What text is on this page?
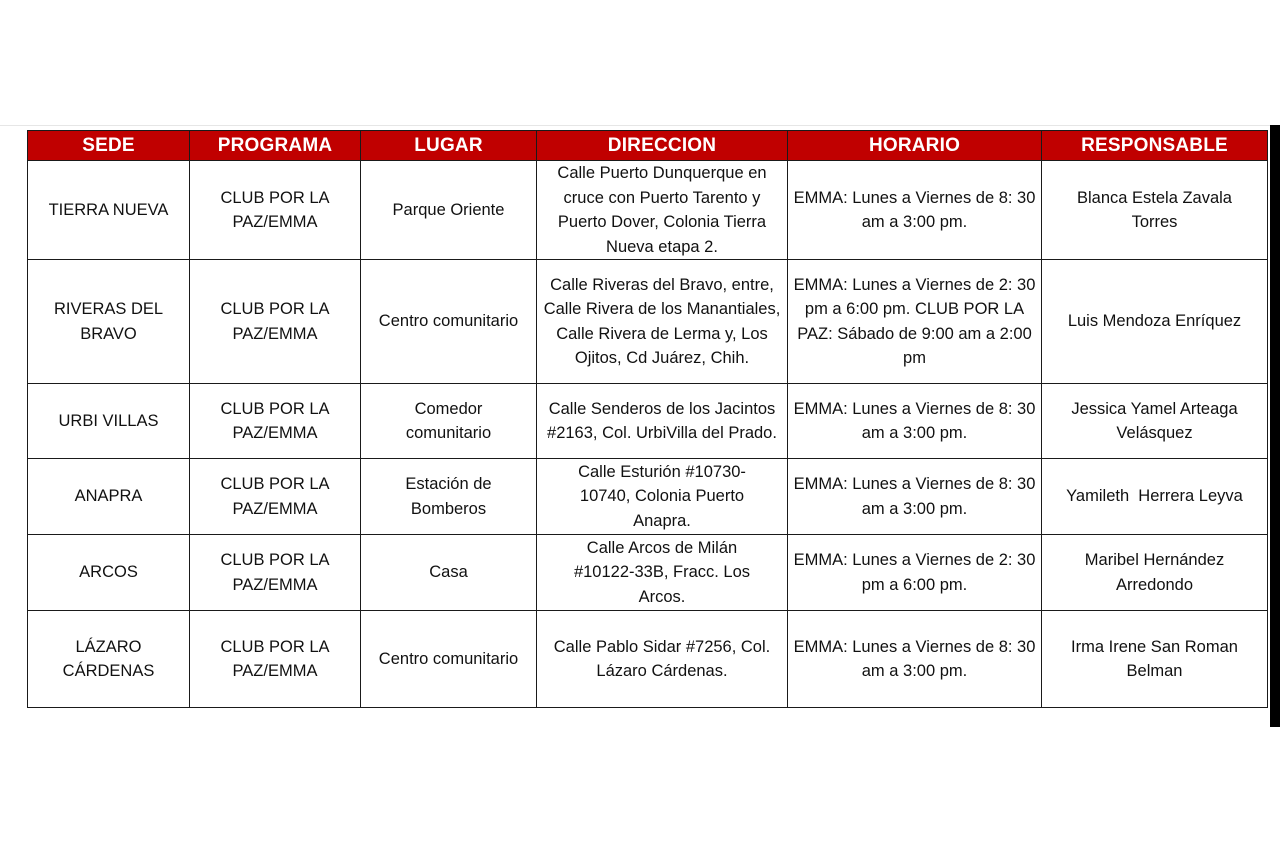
SEDE	PROGRAMA	LUGAR	DIRECCION	HORARIO	RESPONSABLE
TIERRA NUEVA	CLUB POR LA PAZ/EMMA	Parque Oriente	Calle Puerto Dunquerque en cruce con Puerto Tarento y Puerto Dover, Colonia Tierra Nueva etapa 2.	EMMA: Lunes a Viernes de 8: 30 am a 3:00 pm.	Blanca Estela Zavala Torres
RIVERAS DEL BRAVO	CLUB POR LA PAZ/EMMA	Centro comunitario	Calle Riveras del Bravo, entre, Calle Rivera de los Manantiales, Calle Rivera de Lerma y, Los Ojitos, Cd Juárez, Chih.	EMMA: Lunes a Viernes de 2: 30 pm a 6:00 pm. CLUB POR LA PAZ: Sábado de 9:00 am a 2:00 pm	Luis Mendoza Enríquez
URBI VILLAS	CLUB POR LA PAZ/EMMA	Comedor comunitario	Calle Senderos de los Jacintos #2163, Col. UrbiVilla del Prado.	EMMA: Lunes a Viernes de 8: 30 am a 3:00 pm.	Jessica Yamel Arteaga Velásquez
ANAPRA	CLUB POR LA PAZ/EMMA	Estación de Bomberos	Calle Esturión #10730-10740, Colonia Puerto Anapra.	EMMA: Lunes a Viernes de 8: 30 am a 3:00 pm.	Yamileth  Herrera Leyva
ARCOS	CLUB POR LA PAZ/EMMA	Casa	Calle Arcos de Milán #10122-33B, Fracc. Los Arcos.	EMMA: Lunes a Viernes de 2: 30 pm a 6:00 pm.	Maribel Hernández Arredondo
LÁZARO CÁRDENAS	CLUB POR LA PAZ/EMMA	Centro comunitario	Calle Pablo Sidar #7256, Col. Lázaro Cárdenas.	EMMA: Lunes a Viernes de 8: 30 am a 3:00 pm.	Irma Irene San Roman Belman
